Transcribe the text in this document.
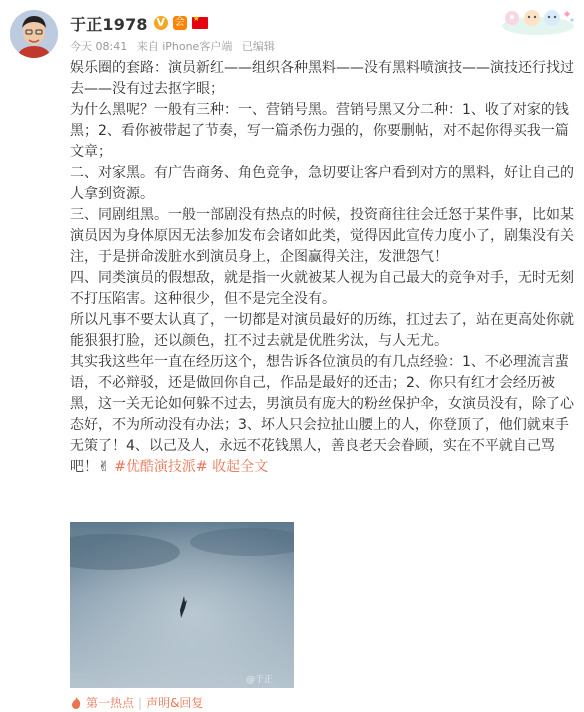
于正1978 V 会
★
今天 08:41 来自 iPhone客户端 已编辑

娱乐圈的套路：演员新红——组织各种黑料——没有黑料喷演技——演技还行找过去——没有过去抠字眼；

为什么黑呢？一般有三种：一、营销号黑。营销号黑又分二种：1、收了对家的钱黑；2、看你被带起了节奏，写一篇杀伤力强的，你要删帖，对不起你得买我一篇文章；

二、对家黑。有广告商务、角色竞争，急切要让客户看到对方的黑料，好让自己的人拿到资源。

三、同剧组黑。一般一部剧没有热点的时候，投资商往往会迁怒于某件事，比如某演员因为身体原因无法参加发布会诸如此类，觉得因此宣传力度小了，剧集没有关注，于是拼命泼脏水到演员身上，企图赢得关注，发泄怨气！

四、同类演员的假想敌，就是指一火就被某人视为自己最大的竞争对手，无时无刻不打压陷害。这种很少，但不是完全没有。

所以凡事不要太认真了，一切都是对演员最好的历练，扛过去了，站在更高处你就能狠狠打脸，还以颜色，扛不过去就是优胜劣汰，与人无尤。

其实我这些年一直在经历这个，想告诉各位演员的有几点经验：1、不必理流言蜚语，不必辩驳，还是做回你自己，作品是最好的还击；2、你只有红才会经历被黑，这一关无论如何躲不过去，男演员有庞大的粉丝保护伞，女演员没有，除了心态好，不为所动没有办法；3、坏人只会拉扯山腰上的人，你登顶了，他们就束手无策了！4、以己及人，永远不花钱黑人，善良老天会眷顾，实在不平就自己骂吧！✌ #优酷演技派# 收起全文

@于正
第一热点 | 声明&回复
